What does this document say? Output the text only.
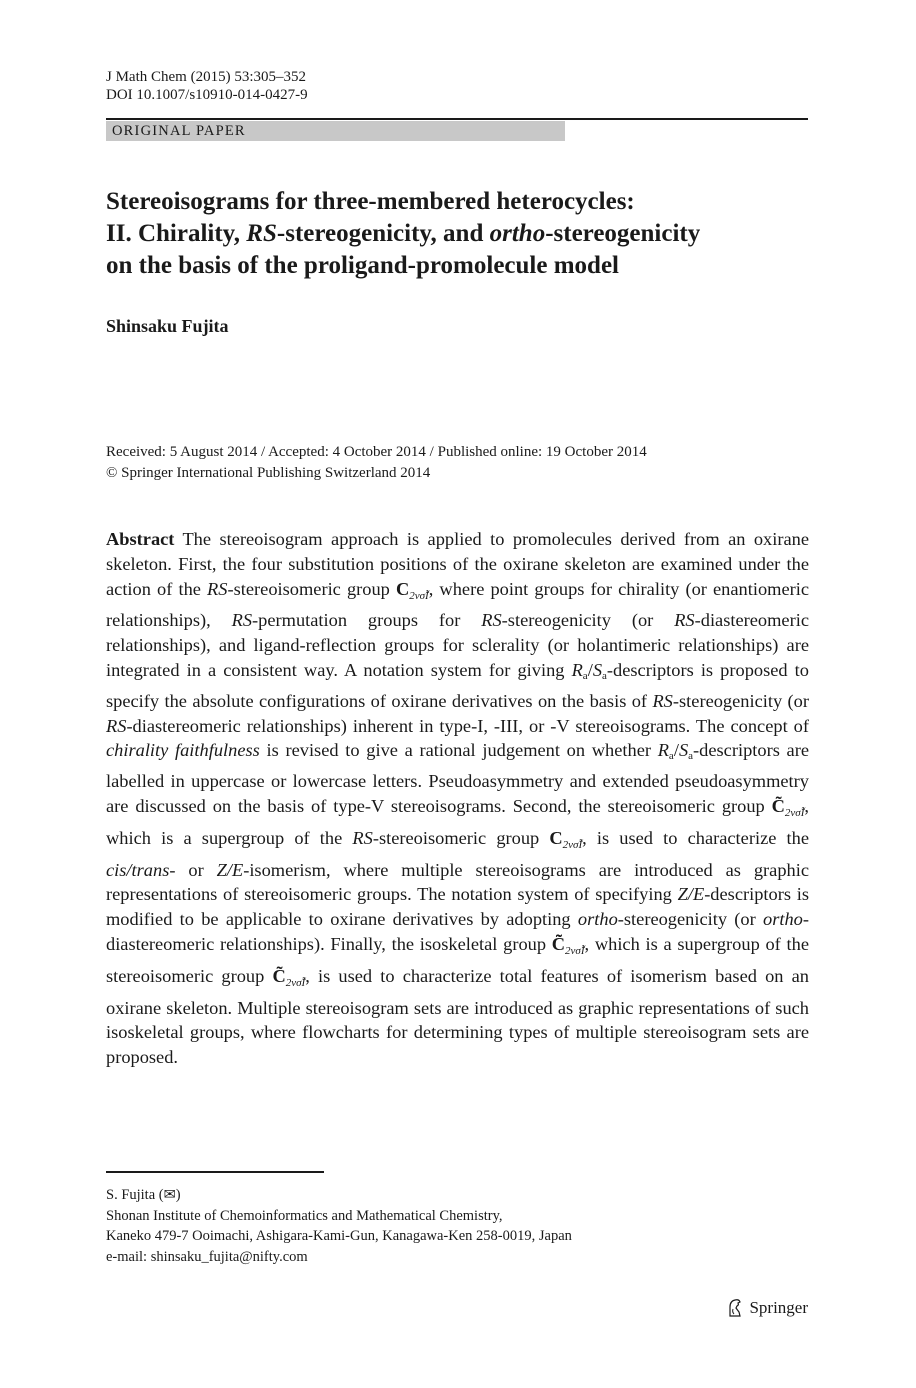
J Math Chem (2015) 53:305–352
DOI 10.1007/s10910-014-0427-9
ORIGINAL PAPER
Stereoisograms for three-membered heterocycles:
II. Chirality, RS-stereogenicity, and ortho-stereogenicity
on the basis of the proligand-promolecule model
Shinsaku Fujita
Received: 5 August 2014 / Accepted: 4 October 2014 / Published online: 19 October 2014
© Springer International Publishing Switzerland 2014

Abstract The stereoisogram approach is applied to promolecules derived from an oxirane skeleton. First, the four substitution positions of the oxirane skeleton are examined under the action of the RS-stereoisomeric group $C_{2v\sigmâĨ}$, where point groups for chirality (or enantiomeric relationships), RS-permutation groups for RS-stereogenicity (or RS-diastereomeric relationships), and ligand-reflection groups for sclerality (or holantimeric relationships) are integrated in a consistent way. A notation system for giving Ra/Sa-descriptors is proposed to specify the absolute configurations of oxirane derivatives on the basis of RS-stereogenicity (or RS-diastereomeric relationships) inherent in type-I, -III, or -V stereoisograms. The concept of chirality faithfulness is revised to give a rational judgement on whether Ra/Sa-descriptors are labelled in uppercase or lowercase letters. Pseudoasymmetry and extended pseudoasymmetry are discussed on the basis of type-V stereoisograms. Second, the stereoisomeric group $C̃_{2v\sigmâĨ}$, which is a supergroup of the RS-stereoisomeric group $C_{2v\sigmâĨ}$, is used to characterize the cis/trans- or Z/E-isomerism, where multiple stereoisograms are introduced as graphic representations of stereoisomeric groups. The notation system of specifying Z/E-descriptors is modified to be applicable to oxirane derivatives by adopting ortho-stereogenicity (or ortho-diastereomeric relationships). Finally, the isoskeletal group $C̃̃_{2v\sigmâĨ}$, which is a supergroup of the stereoisomeric group $C̃_{2v\sigmâĨ}$, is used to characterize total features of isomerism based on an oxirane skeleton. Multiple stereoisogram sets are introduced as graphic representations of such isoskeletal groups, where flowcharts for determining types of multiple stereoisogram sets are proposed.

S. Fujita (✉)
Shonan Institute of Chemoinformatics and Mathematical Chemistry,
Kaneko 479-7 Ooimachi, Ashigara-Kami-Gun, Kanagawa-Ken 258-0019, Japan
e-mail: shinsaku_fujita@nifty.com
Springer
